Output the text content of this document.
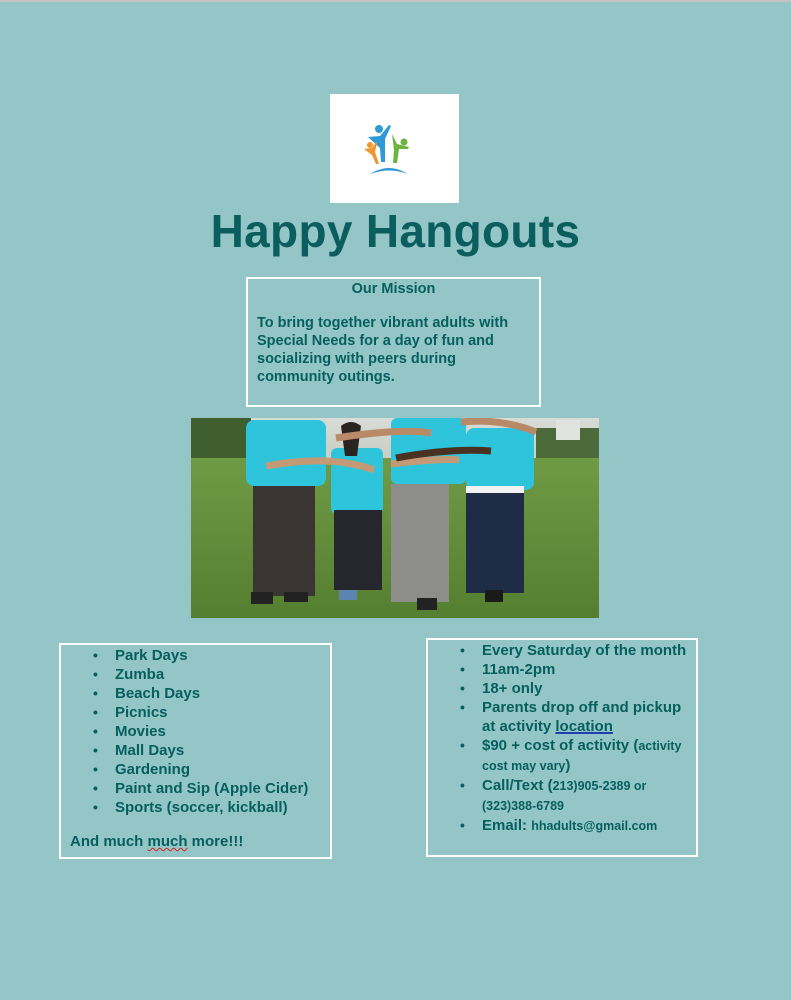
Happy Hangouts
Our Mission
To bring together vibrant adults with Special Needs for a day of fun and socializing with peers during community outings.
• Park Days
• Zumba
• Beach Days
• Picnics
• Movies
• Mall Days
• Gardening
• Paint and Sip (Apple Cider)
• Sports (soccer, kickball)
And much much more!!!
• Every Saturday of the month
• 11am-2pm
• 18+ only
• Parents drop off and pickup at activity location
• $90 + cost of activity (activity cost may vary)
• Call/Text (213)905-2389 or (323)388-6789
• Email: hhadults@gmail.com
